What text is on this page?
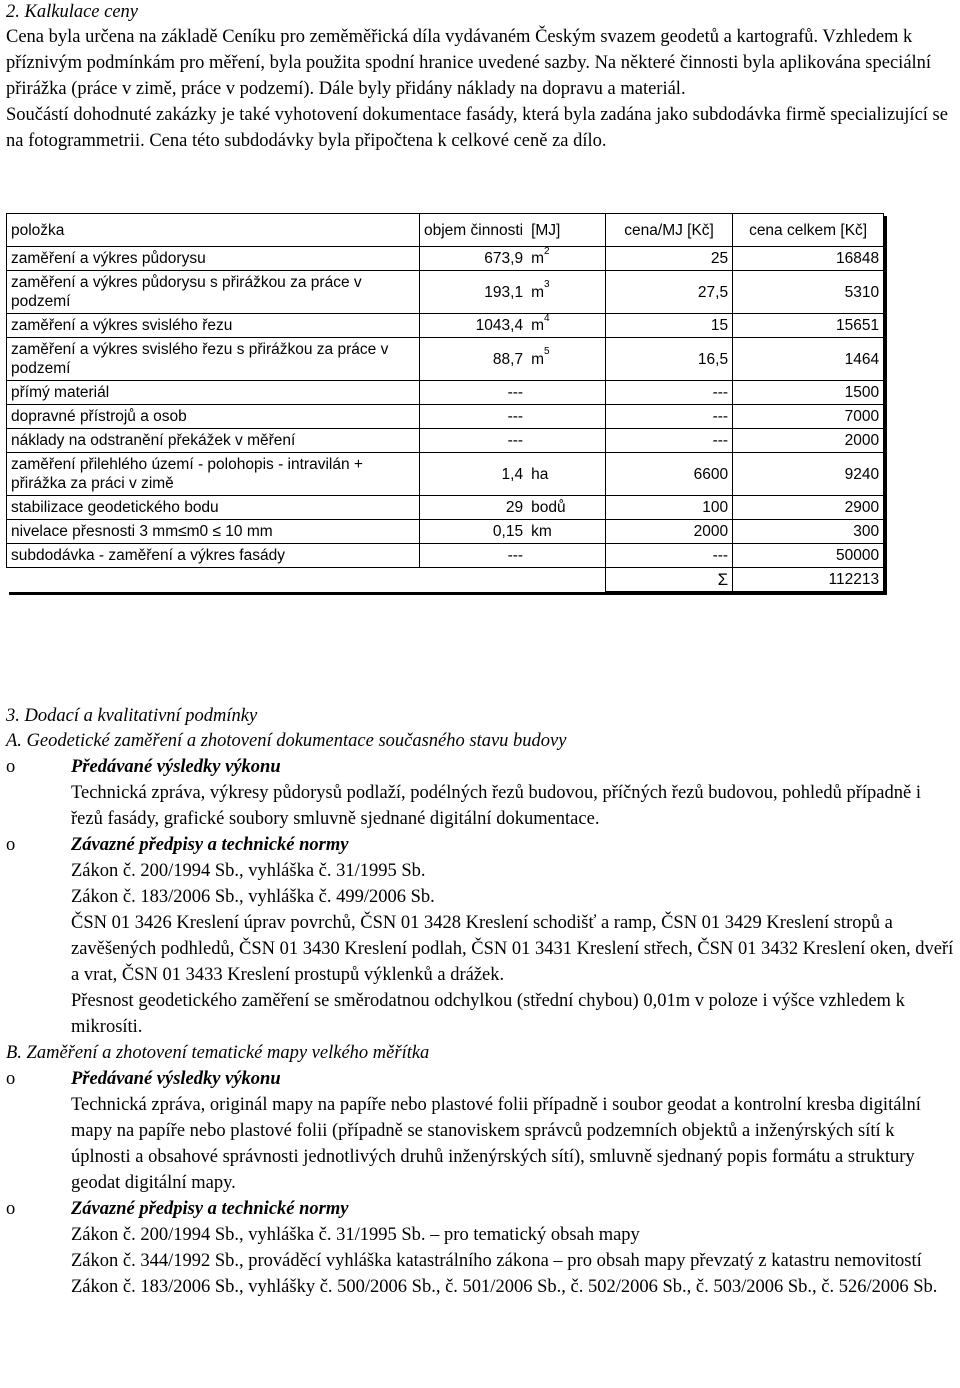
2. Kalkulace ceny

Cena byla určena na základě Ceníku pro zeměměřická díla vydávaném Českým svazem geodetů a kartografů. Vzhledem k příznivým podmínkám pro měření, byla použita spodní hranice uvedené sazby. Na některé činnosti byla aplikována speciální přirážka (práce v zimě, práce v podzemí). Dále byly přidány náklady na dopravu a materiál.

Součástí dohodnuté zakázky je také vyhotovení dokumentace fasády, která byla zadána jako subdodávka firmě specializující se na fotogrammetrii. Cena této subdodávky byla připočtena k celkové ceně za dílo.

položka	objem činnosti	[MJ]	cena/MJ [Kč]	cena celkem [Kč]
zaměření a výkres půdorysu	673,9	$m^2$	25	16848
zaměření a výkres půdorysu s přirážkou za práce v podzemí	193,1	$m^3$	27,5	5310
zaměření a výkres svislého řezu	1043,4	$m^4$	15	15651
zaměření a výkres svislého řezu s přirážkou za práce v podzemí	88,7	$m^5$	16,5	1464
přímý materiál	---		---	1500
dopravné přístrojů a osob	---		---	7000
náklady na odstranění překážek v měření	---		---	2000
zaměření přilehlého území - polohopis - intravilán + přirážka za práci v zimě	1,4	ha	6600	9240
stabilizace geodetického bodu	29	bodů	100	2900
nivelace přesnosti 3 mm≤m0 ≤ 10 mm	0,15	km	2000	300
subdodávka - zaměření a výkres fasády	---		---	50000
			Σ	112213
3. Dodací a kvalitativní podmínky

A. Geodetické zaměření a zhotovení dokumentace současného stavu budovy

o	Předávané výsledky výkonu
Technická zpráva, výkresy půdorysů podlaží, podélných řezů budovou, příčných řezů budovou, pohledů případně i řezů fasády, grafické soubory smluvně sjednané digitální dokumentace.
o	Závazné předpisy a technické normy
Zákon č. 200/1994 Sb., vyhláška č. 31/1995 Sb.
Zákon č. 183/2006 Sb., vyhláška č. 499/2006 Sb.
ČSN 01 3426 Kreslení úprav povrchů, ČSN 01 3428 Kreslení schodišť a ramp, ČSN 01 3429 Kreslení stropů a zavěšených podhledů, ČSN 01 3430 Kreslení podlah, ČSN 01 3431 Kreslení střech, ČSN 01 3432 Kreslení oken, dveří a vrat, ČSN 01 3433 Kreslení prostupů výklenků a drážek.
Přesnost geodetického zaměření se směrodatnou odchylkou (střední chybou) 0,01m v poloze i výšce vzhledem k mikrosíti.

B. Zaměření a zhotovení tematické mapy velkého měřítka

o	Předávané výsledky výkonu
Technická zpráva, originál mapy na papíře nebo plastové folii případně i soubor geodat a kontrolní kresba digitální mapy na papíře nebo plastové folii (případně se stanoviskem správců podzemních objektů a inženýrských sítí k úplnosti a obsahové správnosti jednotlivých druhů inženýrských sítí), smluvně sjednaný popis formátu a struktury geodat digitální mapy.
o	Závazné předpisy a technické normy
Zákon č. 200/1994 Sb., vyhláška č. 31/1995 Sb. – pro tematický obsah mapy
Zákon č. 344/1992 Sb., prováděcí vyhláška katastrálního zákona – pro obsah mapy převzatý z katastru nemovitostí
Zákon č. 183/2006 Sb., vyhlášky č. 500/2006 Sb., č. 501/2006 Sb., č. 502/2006 Sb., č. 503/2006 Sb., č. 526/2006 Sb.
